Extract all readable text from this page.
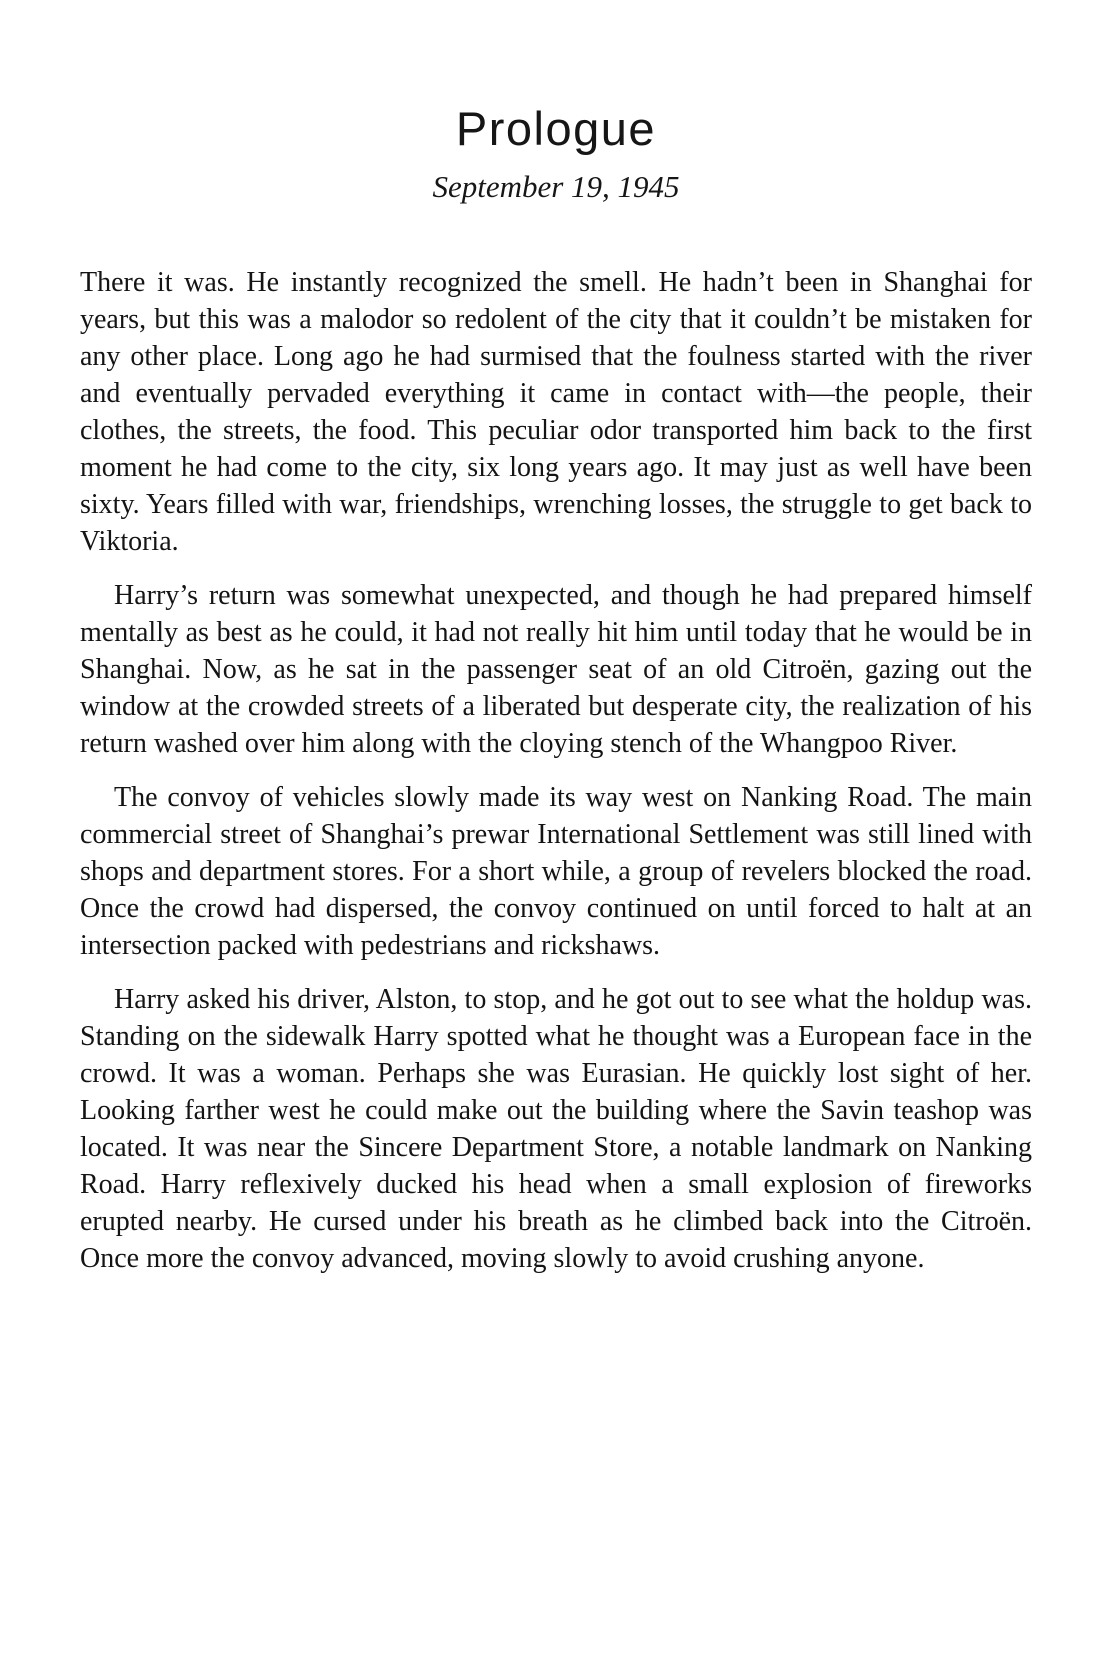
Prologue
September 19, 1945

There it was. He instantly recognized the smell. He hadn’t been in Shanghai for years, but this was a malodor so redolent of the city that it couldn’t be mistaken for any other place. Long ago he had surmised that the foulness started with the river and eventually pervaded everything it came in contact with—the people, their clothes, the streets, the food. This peculiar odor transported him back to the first moment he had come to the city, six long years ago. It may just as well have been sixty. Years filled with war, friendships, wrenching losses, the struggle to get back to Viktoria.

Harry’s return was somewhat unexpected, and though he had prepared himself mentally as best as he could, it had not really hit him until today that he would be in Shanghai. Now, as he sat in the passenger seat of an old Citroën, gazing out the window at the crowded streets of a liberated but desperate city, the realization of his return washed over him along with the cloying stench of the Whangpoo River.

The convoy of vehicles slowly made its way west on Nanking Road. The main commercial street of Shanghai’s prewar International Settlement was still lined with shops and department stores. For a short while, a group of revelers blocked the road. Once the crowd had dispersed, the convoy continued on until forced to halt at an intersection packed with pedestrians and rickshaws.

Harry asked his driver, Alston, to stop, and he got out to see what the holdup was. Standing on the sidewalk Harry spotted what he thought was a European face in the crowd. It was a woman. Perhaps she was Eurasian. He quickly lost sight of her. Looking farther west he could make out the building where the Savin teashop was located. It was near the Sincere Department Store, a notable landmark on Nanking Road. Harry reflexively ducked his head when a small explosion of fireworks erupted nearby. He cursed under his breath as he climbed back into the Citroën. Once more the convoy advanced, moving slowly to avoid crushing anyone.
